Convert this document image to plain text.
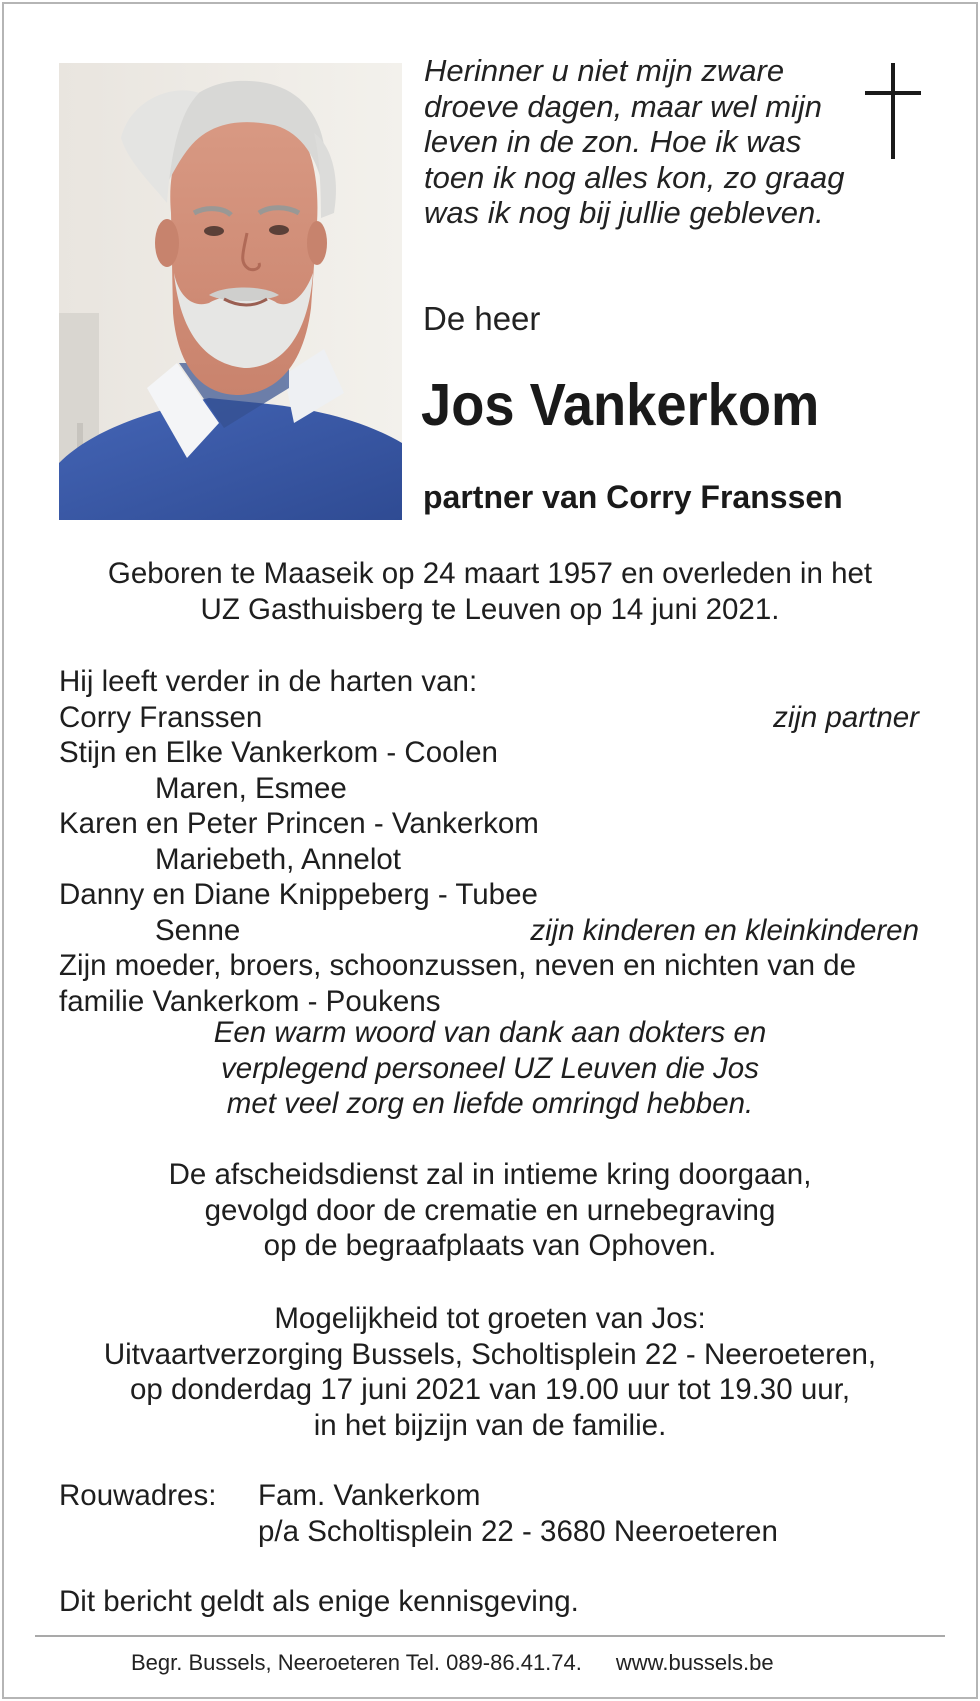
Herinner u niet mijn zware
droeve dagen, maar wel mijn
leven in de zon. Hoe ik was
toen ik nog alles kon, zo graag
was ik nog bij jullie gebleven.
De heer
Jos Vankerkom
partner van Corry Franssen
Geboren te Maaseik op 24 maart 1957 en overleden in het
UZ Gasthuisberg te Leuven op 14 juni 2021.
Hij leeft verder in de harten van:
Corry Franssen	zijn partner
Stijn en Elke Vankerkom - Coolen
Maren, Esmee
Karen en Peter Princen - Vankerkom
Mariebeth, Annelot
Danny en Diane Knippeberg - Tubee
Senne	zijn kinderen en kleinkinderen
Zijn moeder, broers, schoonzussen, neven en nichten van de
familie Vankerkom - Poukens
Een warm woord van dank aan dokters en
verplegend personeel UZ Leuven die Jos
met veel zorg en liefde omringd hebben.
De afscheidsdienst zal in intieme kring doorgaan,
gevolgd door de crematie en urnebegraving
op de begraafplaats van Ophoven.
Mogelijkheid tot groeten van Jos:
Uitvaartverzorging Bussels, Scholtisplein 22 - Neeroeteren,
op donderdag 17 juni 2021 van 19.00 uur tot 19.30 uur,
in het bijzijn van de familie.
Rouwadres: Fam. Vankerkom
p/a Scholtisplein 22 - 3680 Neeroeteren
Dit bericht geldt als enige kennisgeving.
Begr. Bussels, Neeroeteren Tel. 089-86.41.74. www.bussels.be
